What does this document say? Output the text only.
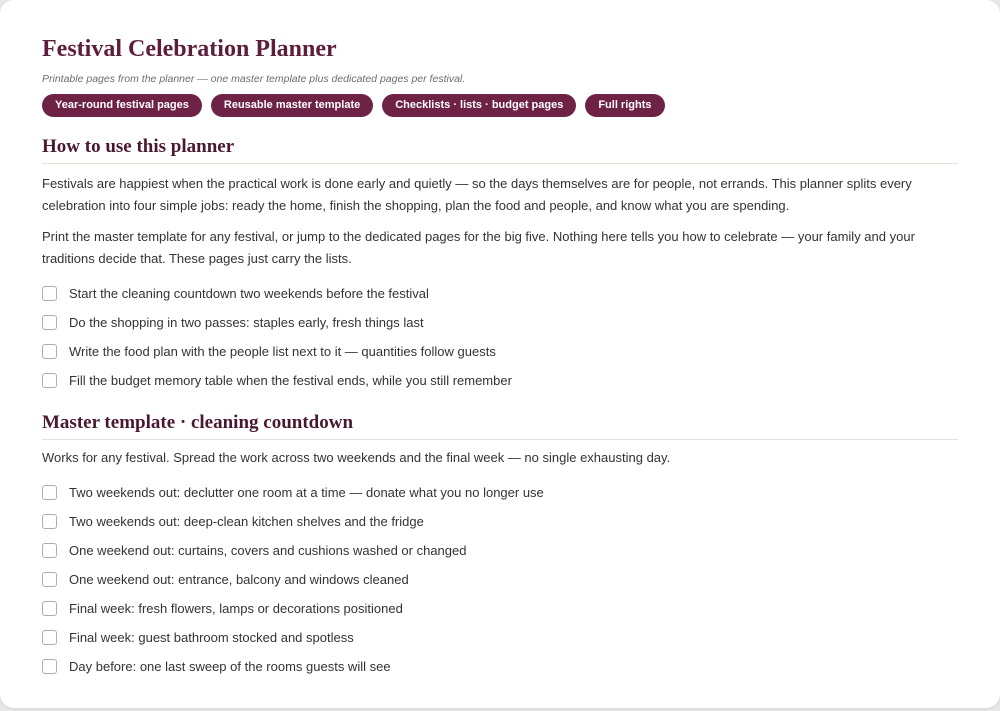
Festival Celebration Planner
Printable pages from the planner — one master template plus dedicated pages per festival.
Year-round festival pages	Reusable master template	Checklists · lists · budget pages	Full rights
How to use this planner
Festivals are happiest when the practical work is done early and quietly — so the days themselves are for people, not errands. This planner splits every celebration into four simple jobs: ready the home, finish the shopping, plan the food and people, and know what you are spending.
Print the master template for any festival, or jump to the dedicated pages for the big five. Nothing here tells you how to celebrate — your family and your traditions decide that. These pages just carry the lists.
Start the cleaning countdown two weekends before the festival
Do the shopping in two passes: staples early, fresh things last
Write the food plan with the people list next to it — quantities follow guests
Fill the budget memory table when the festival ends, while you still remember
Master template · cleaning countdown
Works for any festival. Spread the work across two weekends and the final week — no single exhausting day.
Two weekends out: declutter one room at a time — donate what you no longer use
Two weekends out: deep-clean kitchen shelves and the fridge
One weekend out: curtains, covers and cushions washed or changed
One weekend out: entrance, balcony and windows cleaned
Final week: fresh flowers, lamps or decorations positioned
Final week: guest bathroom stocked and spotless
Day before: one last sweep of the rooms guests will see
